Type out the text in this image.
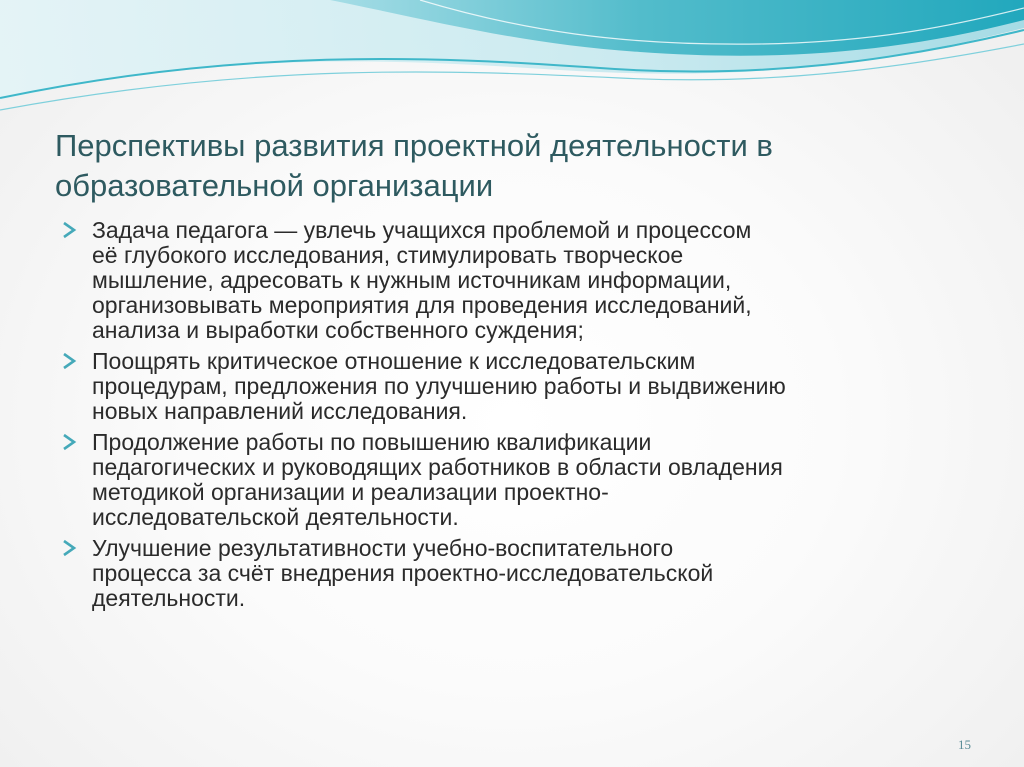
Перспективы развития проектной деятельности в
образовательной организации
Задача педагога — увлечь учащихся проблемой и процессом
её глубокого исследования, стимулировать творческое
мышление, адресовать к нужным источникам информации,
организовывать мероприятия для проведения исследований,
анализа и выработки собственного суждения;
Поощрять критическое отношение к исследовательским
процедурам, предложения по улучшению работы и выдвижению
новых направлений исследования.
Продолжение работы по повышению квалификации
педагогических и руководящих работников в области овладения
методикой организации и реализации проектно-
исследовательской деятельности.
Улучшение результативности учебно-воспитательного
процесса за счёт внедрения проектно-исследовательской
деятельности.
15
